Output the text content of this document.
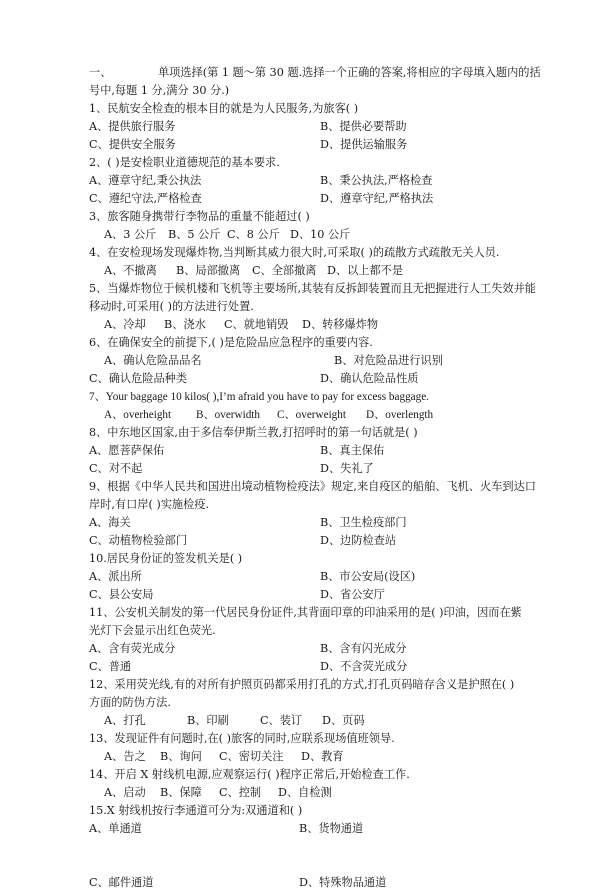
一、	单项选择(第 1 题～第 30 题.选择一个正确的答案,将相应的字母填入题内的括
号中,每题 1 分,满分 30 分.)
1、民航安全检查的根本目的就是为人民服务,为旅客( )
A、提供旅行服务	B、提供必要帮助
C、提供安全服务	D、提供运输服务
2、( )是安检职业道德规范的基本要求.
A、遵章守纪,秉公执法	B、秉公执法,严格检查
C、遵纪守法,严格检查	D、遵章守纪,严格执法
3、旅客随身携带行李物品的重量不能超过( )
A、3 公斤 B、5 公斤 C、8 公斤 D、10 公斤
4、在安检现场发现爆炸物,当判断其威力很大时,可采取( )的疏散方式疏散无关人员.
A、不撤离 B、局部撤离 C、全部撤离 D、以上都不是
5、当爆炸物位于候机楼和飞机等主要场所,其装有反拆卸装置而且无把握进行人工失效并能
移动时,可采用( )的方法进行处置.
A、冷却 B、浇水 C、就地销毁 D、转移爆炸物
6、在确保安全的前提下,( )是危险品应急程序的重要内容.
A、确认危险品品名	B、对危险品进行识别
C、确认危险品种类	D、确认危险品性质
7、Your baggage 10 kilos( ),I’m afraid you have to pay for excess baggage.
A、overheight B、overwidth C、overweight D、overlength
8、中东地区国家,由于多信奉伊斯兰教,打招呼时的第一句话就是( )
A、愿菩萨保佑	B、真主保佑
C、对不起	D、失礼了
9、根据《中华人民共和国进出境动植物检疫法》规定,来自疫区的船舶、飞机、火车到达口
岸时,有口岸( )实施检疫.
A、海关	B、卫生检疫部门
C、动植物检验部门	D、边防检查站
10.居民身份证的签发机关是( )
A、派出所	B、市公安局(设区)
C、县公安局	D、省公安厅
11、公安机关制发的第一代居民身份证件,其背面印章的印油采用的是( )印油，因而在紫
光灯下会显示出红色荧光.
A、含有荧光成分	B、含有闪光成分
C、普通	D、不含荧光成分
12、采用荧光线,有的对所有护照页码都采用打孔的方式,打孔页码暗存含义是护照在( )
方面的防伪方法.
A、打孔	B、印刷	C、装订 D、页码
13、发现证件有问题时,在( )旅客的同时,应联系现场值班领导.
A、告之 B、询问 C、密切关注 D、教育
14、开启 X 射线机电源,应观察运行( )程序正常后,开始检查工作.
A、启动 B、保障 C、控制 D、自检测
15.X 射线机按行李通道可分为:双通道和( )
A、单通道	B、货物通道
C、邮件通道	D、特殊物品通道
